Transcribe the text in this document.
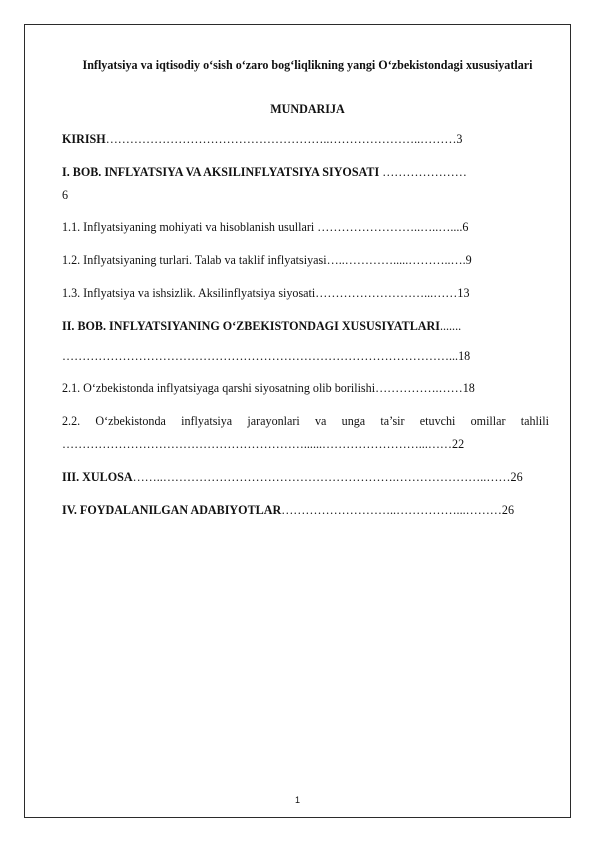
Inflyatsiya va iqtisodiy o‘sish o‘zaro bog‘liqlikning yangi O‘zbekistondagi xususiyatlari
MUNDARIJA
KIRISH………………………………………………..…………………..………3
I. BOB. INFLYATSIYA VA AKSILINFLYATSIYA SIYOSATI …………………
6
1.1. Inflyatsiyaning mohiyati va hisoblanish usullari ……………………..…..…....6
1.2. Inflyatsiyaning turlari. Talab va taklif inflyatsiyasi…..………….....………..….9
1.3. Inflyatsiya va ishsizlik. Aksilinflyatsiya siyosati………………………...……13
II. BOB. INFLYATSIYANING O‘ZBEKISTONDAGI XUSUSIYATLARI.......
……………………………………………………………………………………...18
2.1. O‘zbekistonda inflyatsiyaga qarshi siyosatning olib borilishi…………….……18
2.2. O‘zbekistonda inflyatsiya jarayonlari va unga ta’sir etuvchi omillar tahlili
……………………………………………………......……………………...……22
III. XULOSA……..………………………………………………….…………………..……26
IV. FOYDALANILGAN ADABIYOTLAR………………………..……………...………26
1
